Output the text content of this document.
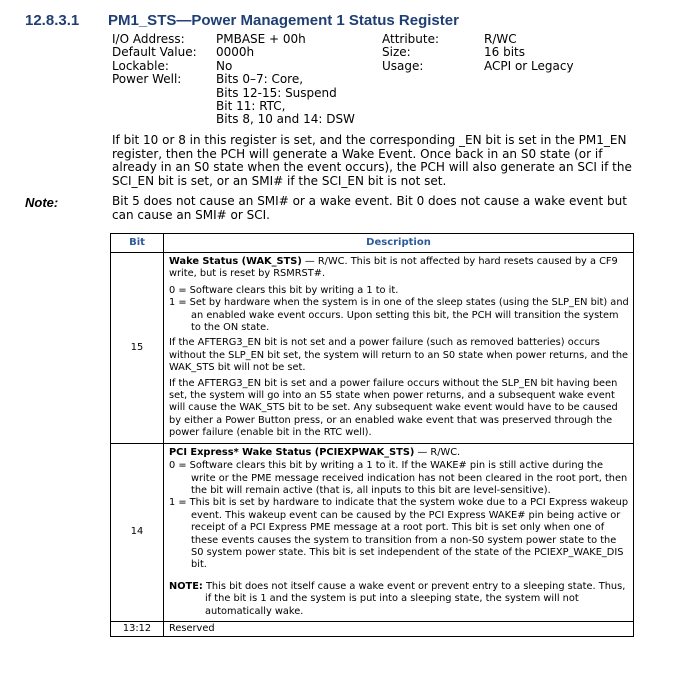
12.8.3.1 PM1_STS—Power Management 1 Status Register
I/O Address:	PMBASE + 00h	Attribute:	R/WC
Default Value: 0000h	Size:	16 bits
Lockable:	No	Usage:	ACPI or Legacy
Power Well:	Bits 0–7: Core,
Bits 12-15: Suspend
Bit 11: RTC,
Bits 8, 10 and 14: DSW
If bit 10 or 8 in this register is set, and the corresponding _EN bit is set in the PM1_EN register, then the PCH will generate a Wake Event. Once back in an S0 state (or if already in an S0 state when the event occurs), the PCH will also generate an SCI if the SCI_EN bit is set, or an SMI# if the SCI_EN bit is not set.
Note:	Bit 5 does not cause an SMI# or a wake event. Bit 0 does not cause a wake event but can cause an SMI# or SCI.
Bit	Description
15	Wake Status (WAK_STS) — R/WC. This bit is not affected by hard resets caused by a CF9 write, but is reset by RSMRST#.

0 = Software clears this bit by writing a 1 to it.

1 = Set by hardware when the system is in one of the sleep states (using the SLP_EN bit) and an enabled wake event occurs. Upon setting this bit, the PCH will transition the system to the ON state.

If the AFTERG3_EN bit is not set and a power failure (such as removed batteries) occurs without the SLP_EN bit set, the system will return to an S0 state when power returns, and the WAK_STS bit will not be set.

If the AFTERG3_EN bit is set and a power failure occurs without the SLP_EN bit having been set, the system will go into an S5 state when power returns, and a subsequent wake event will cause the WAK_STS bit to be set. Any subsequent wake event would have to be caused by either a Power Button press, or an enabled wake event that was preserved through the power failure (enable bit in the RTC well).

14	PCI Express* Wake Status (PCIEXPWAK_STS) — R/WC.

0 = Software clears this bit by writing a 1 to it. If the WAKE# pin is still active during the write or the PME message received indication has not been cleared in the root port, then the bit will remain active (that is, all inputs to this bit are level-sensitive).

1 = This bit is set by hardware to indicate that the system woke due to a PCI Express wakeup event. This wakeup event can be caused by the PCI Express WAKE# pin being active or receipt of a PCI Express PME message at a root port. This bit is set only when one of these events causes the system to transition from a non-S0 system power state to the S0 system power state. This bit is set independent of the state of the PCIEXP_WAKE_DIS bit.

NOTE: This bit does not itself cause a wake event or prevent entry to a sleeping state. Thus, if the bit is 1 and the system is put into a sleeping state, the system will not automatically wake.

13:12	Reserved
